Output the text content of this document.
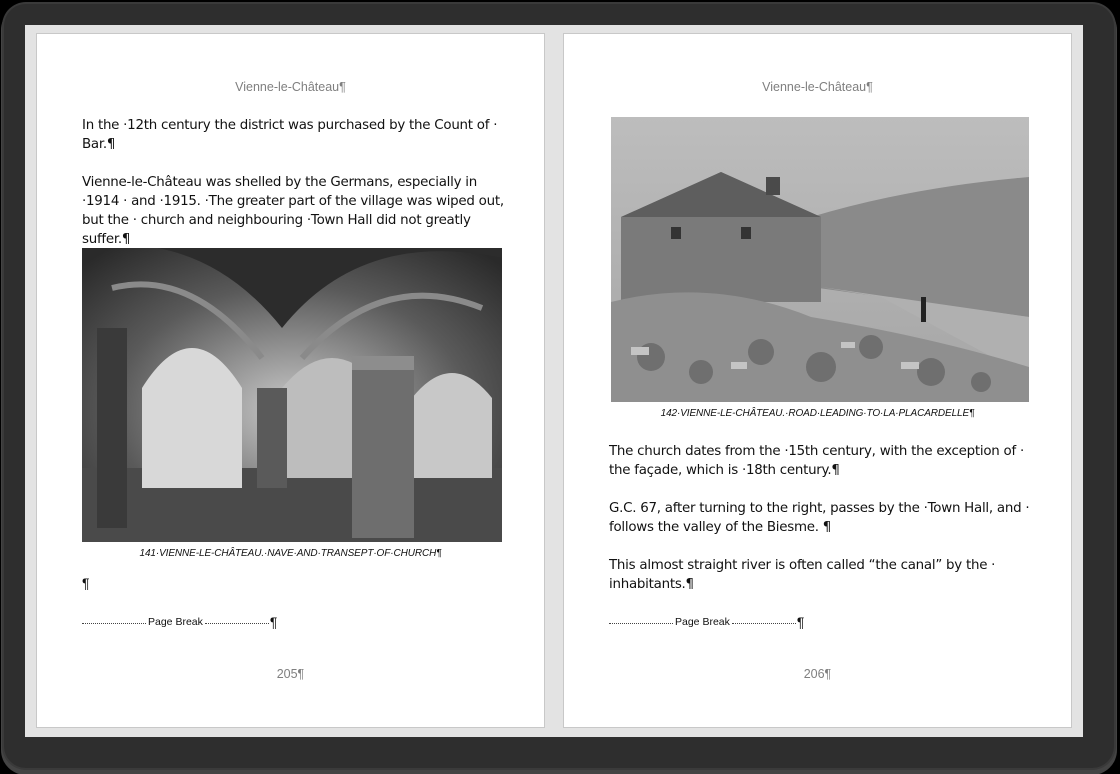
Vienne-le-Château¶

In the ·12th century the district was purchased by the Count of · Bar.¶

Vienne-le-Château was shelled by the Germans, especially in ·1914 · and ·1915. ·The greater part of the village was wiped out, but the · church and neighbouring ·Town Hall did not greatly suffer.¶

141·VIENNE-LE-CHÂTEAU.·NAVE·AND·TRANSEPT·OF·CHURCH¶
¶
Page Break	¶
205¶
Vienne-le-Château¶
142·VIENNE-LE-CHÂTEAU.·ROAD·LEADING·TO·LA·PLACARDELLE¶

The church dates from the ·15th century, with the exception of · the façade, which is ·18th century.¶

G.C. 67, after turning to the right, passes by the ·Town Hall, and · follows the valley of the Biesme. ¶

This almost straight river is often called “the canal” by the · inhabitants.¶

Page Break	¶
206¶
